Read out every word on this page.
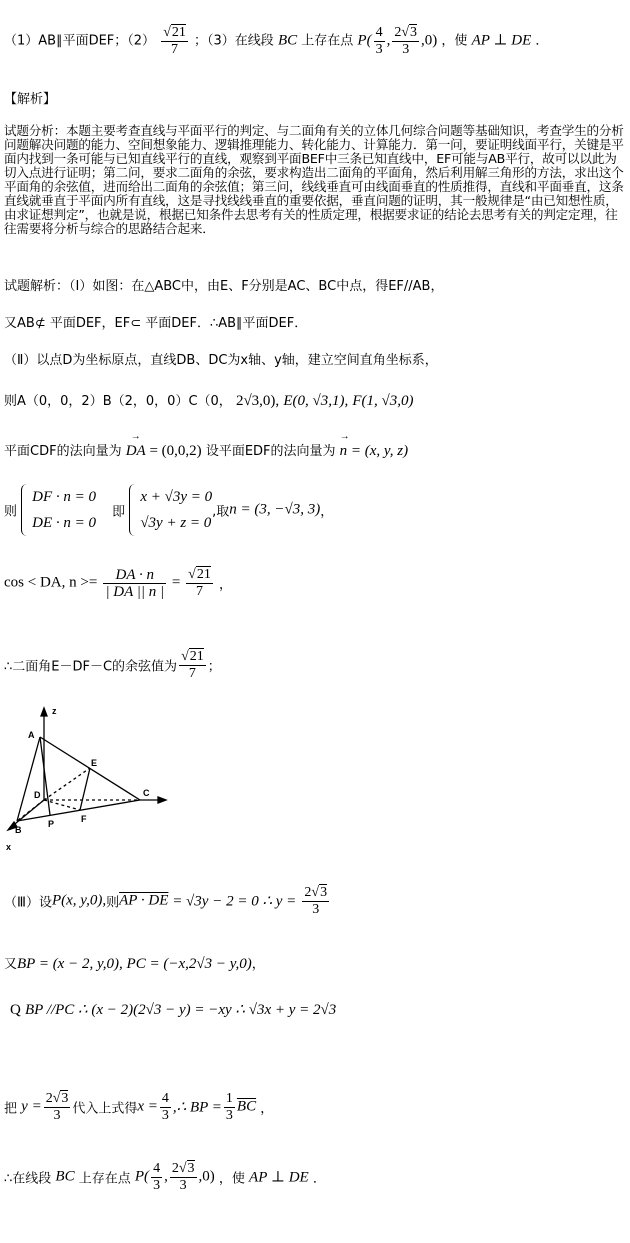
（1）AB∥平面DEF；$(2) \frac{√21}{7}$ ；（3）在线段 BC 上存在点 $P( \frac{4}{3}$ , $\frac{2√3}{3} ,0$) ，使 AP ⊥ DE ．
【解析】
试题分析：本题主要考查直线与平面平行的判定、与二面角有关的立体几何综合问题等基础知识，考查学生的分析问题解决问题的能力、空间想象能力、逻辑推理能力、转化能力、计算能力．第一问，要证明线面平行，关键是平面内找到一条可能与已知直线平行的直线，观察到平面BEF中三条已知直线中，EF可能与AB平行，故可以以此为切入点进行证明；第二问，要求二面角的余弦，要求构造出二面角的平面角，然后利用解三角形的方法，求出这个平面角的余弦值，进而给出二面角的余弦值；第三问，线线垂直可由线面垂直的性质推得，直线和平面垂直，这条直线就垂直于平面内所有直线，这是寻找线线垂直的重要依据，垂直问题的证明，其一般规律是“由已知想性质，由求证想判定”，也就是说，根据已知条件去思考有关的性质定理，根据要求证的结论去思考有关的判定定理，往往需要将分析与综合的思路结合起来．
试题解析：（Ⅰ）如图：在△ABC中，由E、F分别是AC、BC中点，得EF//AB，
又AB⊄ 平面DEF，EF⊂ 平面DEF．∴AB∥平面DEF．
（Ⅱ）以点D为坐标原点，直线DB、DC为x轴、y轴，建立空间直角坐标系，
则A（0，0，2）B（2，0，0）C（0， 2√3,0), E(0, √3,1), F(1, √3,0)
平面CDF的法向量为 → DA = (0,0,2) 设平面EDF的法向量为 → n = (x, y, z)
则
DF · n = 0
DE · n = 0
即
x + √3y = 0
√3y + z = 0
,取n = (3, −√3, 3)，
cos < DA, $n >= \frac{DA \cdot n}{| DA || n |} = \frac{√21}{7}$ ，
∴二面角E－DF－C的余弦值为 $\frac{√21}{7}$ ；
z
A
E
D	C
B
P	F
x
（Ⅲ）设P(x, y,0),则AP · DE = √3y − 2 = 0 ∴ $y = \frac{2√3}{3}$
又BP = (x − 2, y,0), PC = (−x,2√3 − y,0)，
Q BP //PC ∴ (x − 2)(2√3 − y) = −xy ∴ √3x + y = 2√3
把 $y = \frac{2√3}{3}$ 代入上式得$x = \frac{4}{3}$ ,∴ BP = $\frac{1}{3} \overline{BC}$ ，
∴在线段 BC 上存在点 $P( \frac{4}{3}$ , $\frac{2√3}{3} ,0$) ，使 AP ⊥ DE ．
